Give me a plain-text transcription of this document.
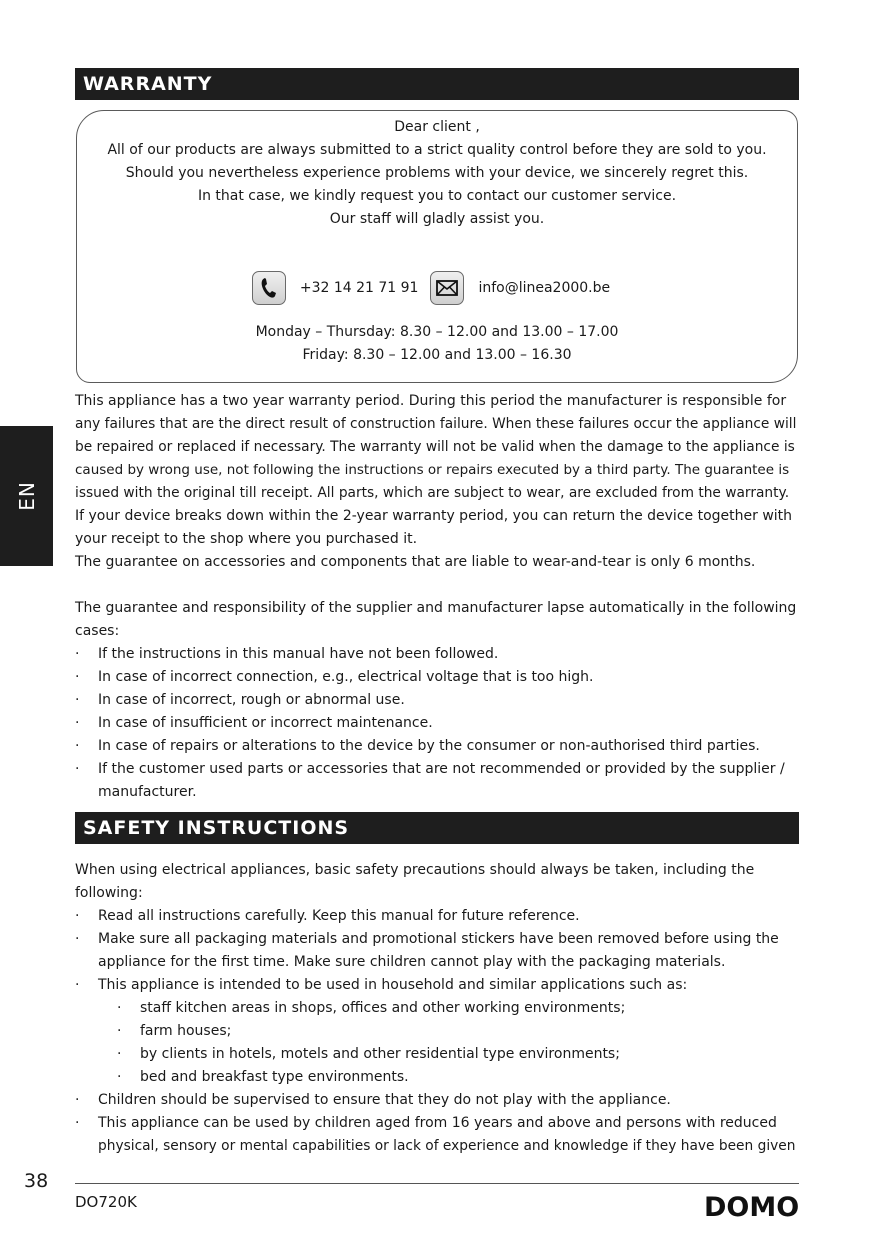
WARRANTY
Dear client ,
All of our products are always submitted to a strict quality control before they are sold to you.
Should you nevertheless experience problems with your device, we sincerely regret this.
In that case, we kindly request you to contact our customer service.
Our staff will gladly assist you.
+32 14 21 71 91	info@linea2000.be
Monday – Thursday: 8.30 – 12.00 and 13.00 – 17.00
Friday: 8.30 – 12.00 and 13.00 – 16.30
EN
This appliance has a two year warranty period. During this period the manufacturer is responsible for
any failures that are the direct result of construction failure. When these failures occur the appliance will
be repaired or replaced if necessary. The warranty will not be valid when the damage to the appliance is
caused by wrong use, not following the instructions or repairs executed by a third party. The guarantee is
issued with the original till receipt. All parts, which are subject to wear, are excluded from the warranty.
If your device breaks down within the 2-year warranty period, you can return the device together with
your receipt to the shop where you purchased it.
The guarantee on accessories and components that are liable to wear-and-tear is only 6 months.
The guarantee and responsibility of the supplier and manufacturer lapse automatically in the following
cases:
· If the instructions in this manual have not been followed.
· In case of incorrect connection, e.g., electrical voltage that is too high.
· In case of incorrect, rough or abnormal use.
· In case of insufficient or incorrect maintenance.
· In case of repairs or alterations to the device by the consumer or non-authorised third parties.
· If the customer used parts or accessories that are not recommended or provided by the supplier /
manufacturer.
SAFETY INSTRUCTIONS
When using electrical appliances, basic safety precautions should always be taken, including the
following:
· Read all instructions carefully. Keep this manual for future reference.
· Make sure all packaging materials and promotional stickers have been removed before using the
appliance for the first time. Make sure children cannot play with the packaging materials.
· This appliance is intended to be used in household and similar applications such as:
· staff kitchen areas in shops, offices and other working environments;
· farm houses;
· by clients in hotels, motels and other residential type environments;
· bed and breakfast type environments.
· Children should be supervised to ensure that they do not play with the appliance.
· This appliance can be used by children aged from 16 years and above and persons with reduced
physical, sensory or mental capabilities or lack of experience and knowledge if they have been given
38
DO720K	DOMO
